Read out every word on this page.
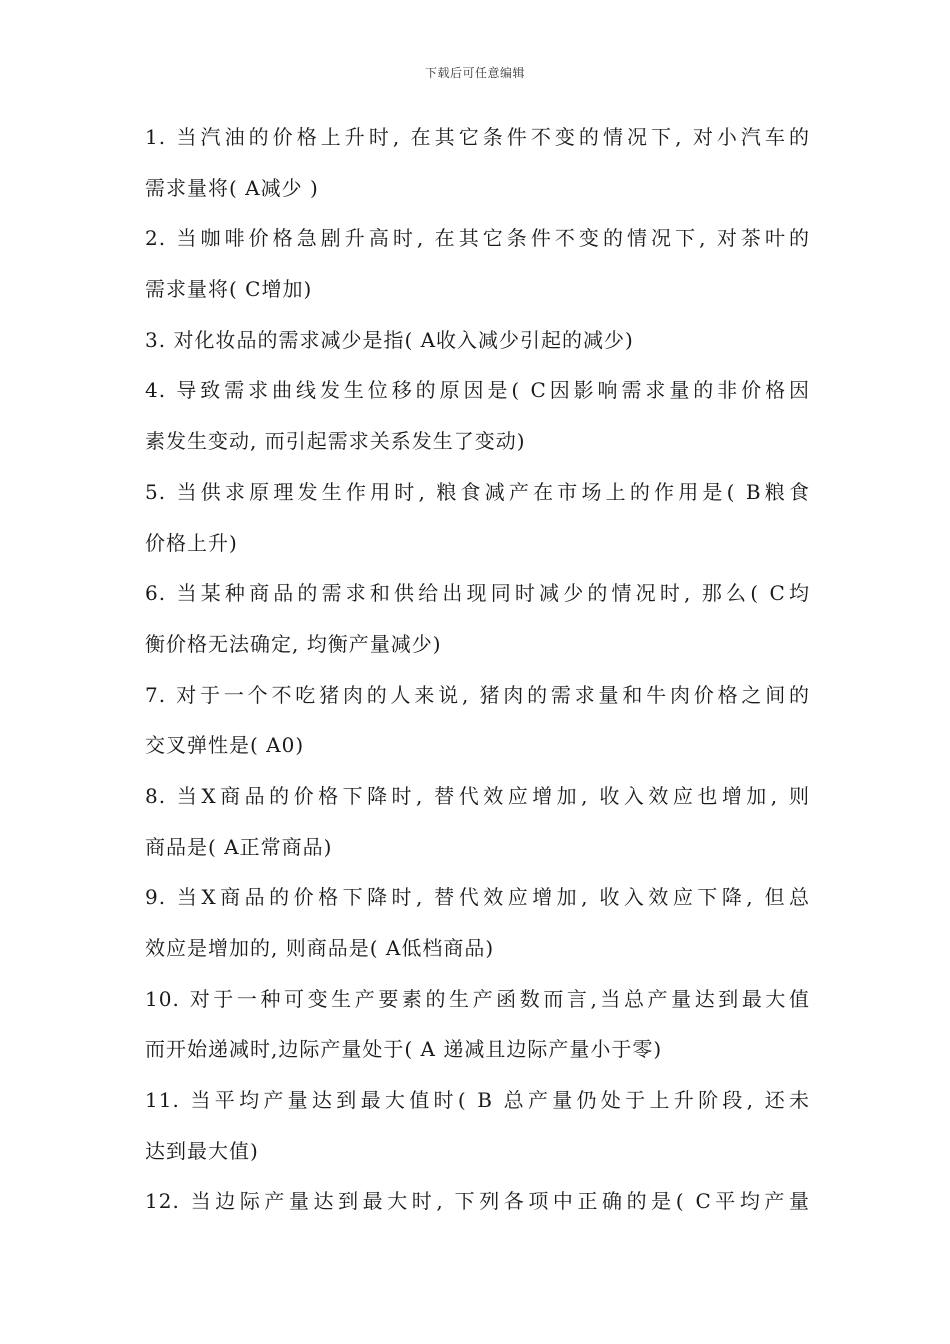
下载后可任意编辑
1. 当汽油的价格上升时, 在其它条件不变的情况下, 对小汽车的
需求量将( A减少 )
2. 当咖啡价格急剧升高时, 在其它条件不变的情况下, 对茶叶的
需求量将( C增加)
3. 对化妆品的需求减少是指( A收入减少引起的减少)
4. 导致需求曲线发生位移的原因是( C因影响需求量的非价格因
素发生变动, 而引起需求关系发生了变动)
5. 当供求原理发生作用时, 粮食减产在市场上的作用是( B粮食
价格上升)
6. 当某种商品的需求和供给出现同时减少的情况时, 那么( C均
衡价格无法确定, 均衡产量减少)
7. 对于一个不吃猪肉的人来说, 猪肉的需求量和牛肉价格之间的
交叉弹性是( A0)
8. 当X商品的价格下降时, 替代效应增加, 收入效应也增加, 则
商品是( A正常商品)
9. 当X商品的价格下降时, 替代效应增加, 收入效应下降, 但总
效应是增加的, 则商品是( A低档商品)
10. 对于一种可变生产要素的生产函数而言,当总产量达到最大值
而开始递减时,边际产量处于( A 递减且边际产量小于零)
11. 当平均产量达到最大值时( B 总产量仍处于上升阶段, 还未
达到最大值)
12. 当边际产量达到最大时, 下列各项中正确的是( C平均产量
